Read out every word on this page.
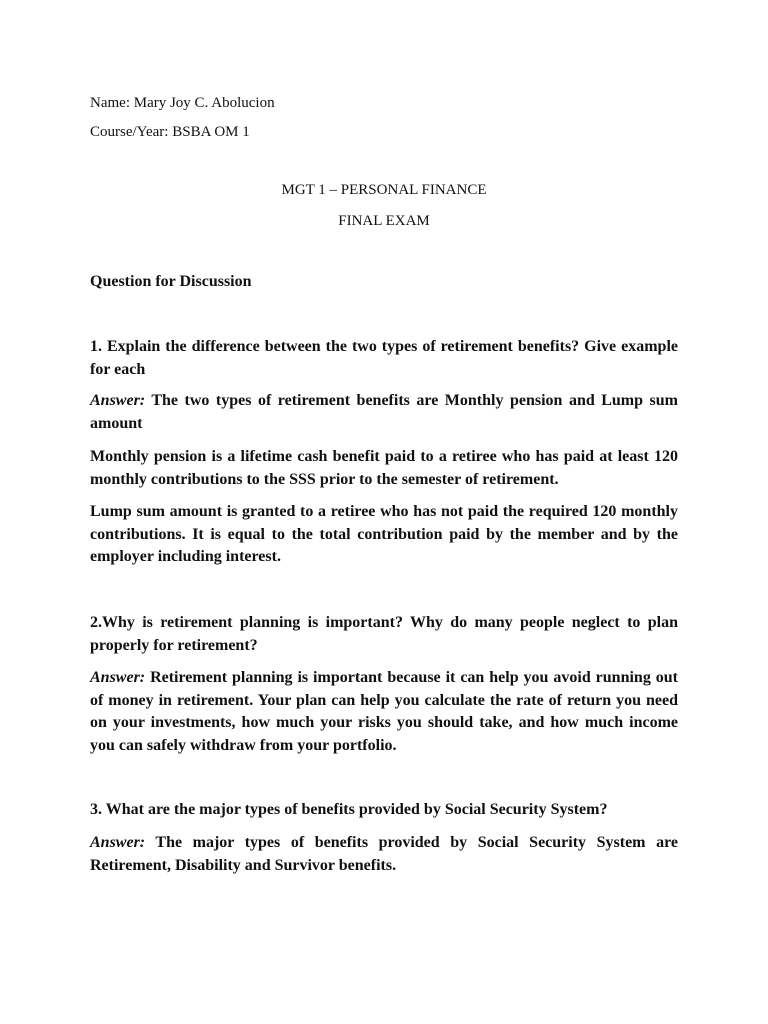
Name: Mary Joy C. Abolucion

Course/Year: BSBA OM 1

MGT 1 – PERSONAL FINANCE

FINAL EXAM

Question for Discussion

1. Explain the difference between the two types of retirement benefits? Give example for each

Answer: The two types of retirement benefits are Monthly pension and Lump sum amount

Monthly pension is a lifetime cash benefit paid to a retiree who has paid at least 120 monthly contributions to the SSS prior to the semester of retirement.

Lump sum amount is granted to a retiree who has not paid the required 120 monthly contributions. It is equal to the total contribution paid by the member and by the employer including interest.

2.Why is retirement planning is important? Why do many people neglect to plan properly for retirement?

Answer: Retirement planning is important because it can help you avoid running out of money in retirement. Your plan can help you calculate the rate of return you need on your investments, how much your risks you should take, and how much income you can safely withdraw from your portfolio.

3. What are the major types of benefits provided by Social Security System?

Answer: The major types of benefits provided by Social Security System are Retirement, Disability and Survivor benefits.
